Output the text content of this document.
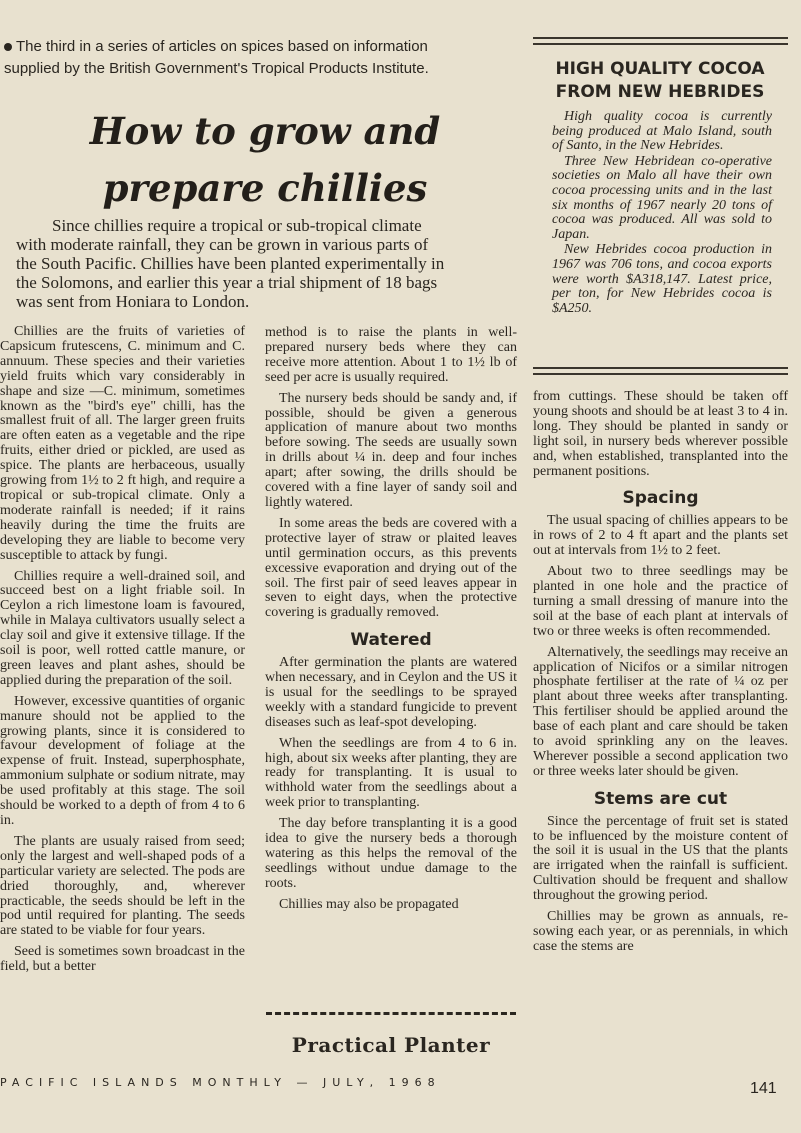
The third in a series of articles on spices based on information
supplied by the British Government's Tropical Products Institute.
How to grow and
prepare chillies
Since chillies require a tropical or sub-tropical climate
with moderate rainfall, they can be grown in various parts of
the South Pacific. Chillies have been planted experimentally in
the Solomons, and earlier this year a trial shipment of 18 bags
was sent from Honiara to London.

Chillies are the fruits of varieties of Capsicum frutescens, C. minimum and C. annuum. These species and their varieties yield fruits which vary considerably in shape and size —C. minimum, sometimes known as the "bird's eye" chilli, has the smallest fruit of all. The larger green fruits are often eaten as a vegetable and the ripe fruits, either dried or pickled, are used as spice. The plants are herbaceous, usually growing from 1½ to 2 ft high, and require a tropical or sub-tropical climate. Only a moderate rainfall is needed; if it rains heavily during the time the fruits are developing they are liable to become very susceptible to attack by fungi.

Chillies require a well-drained soil, and succeed best on a light friable soil. In Ceylon a rich limestone loam is favoured, while in Malaya cultivators usually select a clay soil and give it extensive tillage. If the soil is poor, well rotted cattle manure, or green leaves and plant ashes, should be applied during the preparation of the soil.

However, excessive quantities of organic manure should not be applied to the growing plants, since it is considered to favour development of foliage at the expense of fruit. Instead, superphosphate, ammonium sulphate or sodium nitrate, may be used profitably at this stage. The soil should be worked to a depth of from 4 to 6 in.

The plants are usualy raised from seed; only the largest and well-shaped pods of a particular variety are selected. The pods are dried thoroughly, and, wherever practicable, the seeds should be left in the pod until required for planting. The seeds are stated to be viable for four years.

Seed is sometimes sown broadcast in the field, but a better

method is to raise the plants in well-prepared nursery beds where they can receive more attention. About 1 to 1½ lb of seed per acre is usually required.

The nursery beds should be sandy and, if possible, should be given a generous application of manure about two months before sowing. The seeds are usually sown in drills about ¼ in. deep and four inches apart; after sowing, the drills should be covered with a fine layer of sandy soil and lightly watered.

In some areas the beds are covered with a protective layer of straw or plaited leaves until germination occurs, as this prevents excessive evaporation and drying out of the soil. The first pair of seed leaves appear in seven to eight days, when the protective covering is gradually removed.

Watered

After germination the plants are watered when necessary, and in Ceylon and the US it is usual for the seedlings to be sprayed weekly with a standard fungicide to prevent diseases such as leaf-spot developing.

When the seedlings are from 4 to 6 in. high, about six weeks after planting, they are ready for transplanting. It is usual to withhold water from the seedlings about a week prior to transplanting.

The day before transplanting it is a good idea to give the nursery beds a thorough watering as this helps the removal of the seedlings without undue damage to the roots.

Chillies may also be propagated

HIGH QUALITY COCOA
FROM NEW HEBRIDES

High quality cocoa is currently being produced at Malo Island, south of Santo, in the New Hebrides.

Three New Hebridean co-operative societies on Malo all have their own cocoa processing units and in the last six months of 1967 nearly 20 tons of cocoa was produced. All was sold to Japan.

New Hebrides cocoa production in 1967 was 706 tons, and cocoa exports were worth $A318,147. Latest price, per ton, for New Hebrides cocoa is $A250.

from cuttings. These should be taken off young shoots and should be at least 3 to 4 in. long. They should be planted in sandy or light soil, in nursery beds wherever possible and, when established, transplanted into the permanent positions.

Spacing

The usual spacing of chillies appears to be in rows of 2 to 4 ft apart and the plants set out at intervals from 1½ to 2 feet.

About two to three seedlings may be planted in one hole and the practice of turning a small dressing of manure into the soil at the base of each plant at intervals of two or three weeks is often recommended.

Alternatively, the seedlings may receive an application of Nicifos or a similar nitrogen phosphate fertiliser at the rate of ¼ oz per plant about three weeks after transplanting. This fertiliser should be applied around the base of each plant and care should be taken to avoid sprinkling any on the leaves. Wherever possible a second application two or three weeks later should be given.

Stems are cut

Since the percentage of fruit set is stated to be influenced by the moisture content of the soil it is usual in the US that the plants are irrigated when the rainfall is sufficient. Cultivation should be frequent and shallow throughout the growing period.

Chillies may be grown as annuals, re-sowing each year, or as perennials, in which case the stems are

Practical Planter
PACIFIC ISLANDS MONTHLY — JULY, 1968	141
